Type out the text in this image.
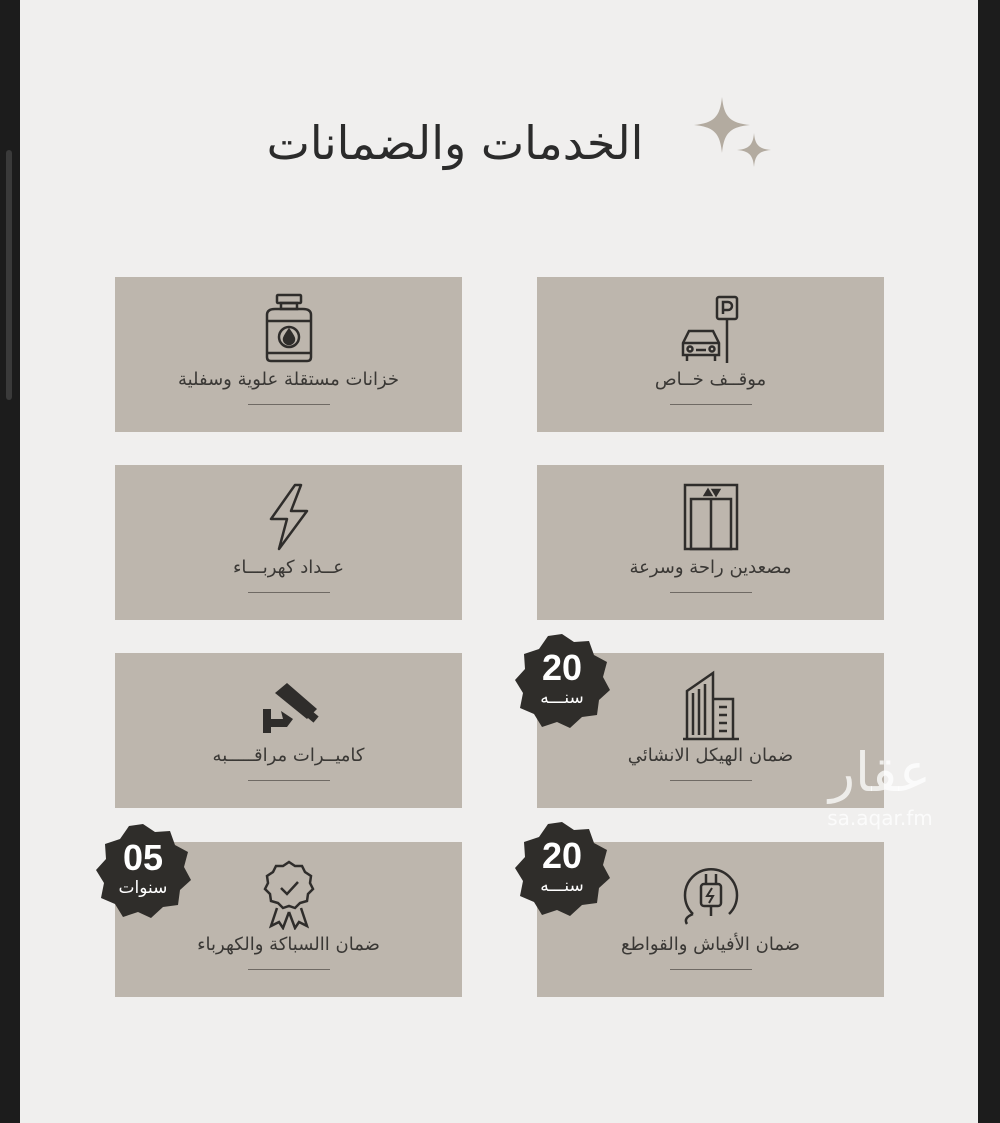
الخدمات والضمانات
موقــف خــاص
خزانات مستقلة علوية وسفلية
مصعدين راحة وسرعة
عــداد كهربـــاء
ضمان الهيكل الانشائي
كاميــرات مراقـــــبه
ضمان الأفياش والقواطع
ضمان االسباكة والكهرباء
20
سنـــه
20
سنـــه
05
سنوات
عقار
sa.aqar.fm
